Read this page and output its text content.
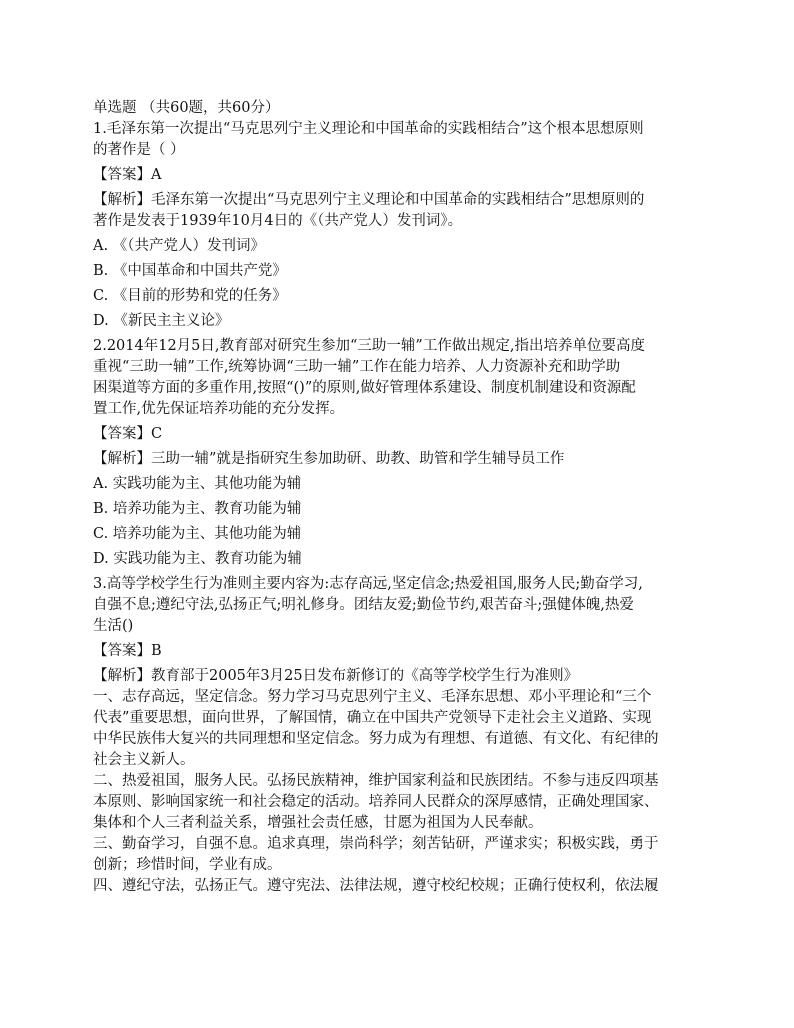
单选题 （共60题，共60分）

1.毛泽东第一次提出“马克思列宁主义理论和中国革命的实践相结合”这个根本思想原则

的著作是（ ）

【答案】A

【解析】毛泽东第一次提出“马克思列宁主义理论和中国革命的实践相结合”思想原则的

著作是发表于1939年10月4日的《（共产党人）发刊词》。

A. 《（共产党人）发刊词》

B. 《中国革命和中国共产党》

C. 《目前的形势和党的任务》

D. 《新民主主义论》

2.2014年12月5日,教育部对研究生参加“三助一辅”工作做出规定,指出培养单位要高度

重视“三助一辅”工作,统筹协调“三助一辅”工作在能力培养、人力资源补充和助学助

困渠道等方面的多重作用,按照“()”的原则,做好管理体系建设、制度机制建设和资源配

置工作,优先保证培养功能的充分发挥。

【答案】C

【解析】三助一辅”就是指研究生参加助研、助教、助管和学生辅导员工作

A. 实践功能为主、其他功能为辅

B. 培养功能为主、教育功能为辅

C. 培养功能为主、其他功能为辅

D. 实践功能为主、教育功能为辅

3.高等学校学生行为准则主要内容为:志存高远,坚定信念;热爱祖国,服务人民;勤奋学习,

自强不息;遵纪守法,弘扬正气;明礼修身。团结友爱;勤俭节约,艰苦奋斗;强健体魄,热爱

生活()

【答案】B

【解析】教育部于2005年3月25日发布新修订的《高等学校学生行为准则》

一、志存高远，坚定信念。努力学习马克思列宁主义、毛泽东思想、邓小平理论和“三个

代表”重要思想，面向世界，了解国情，确立在中国共产党领导下走社会主义道路、实现

中华民族伟大复兴的共同理想和坚定信念。努力成为有理想、有道德、有文化、有纪律的

社会主义新人。

二、热爱祖国，服务人民。弘扬民族精神，维护国家利益和民族团结。不参与违反四项基

本原则、影响国家统一和社会稳定的活动。培养同人民群众的深厚感情，正确处理国家、

集体和个人三者利益关系，增强社会责任感，甘愿为祖国为人民奉献。

三、勤奋学习，自强不息。追求真理，崇尚科学；刻苦钻研，严谨求实；积极实践，勇于

创新；珍惜时间，学业有成。

四、遵纪守法，弘扬正气。遵守宪法、法律法规，遵守校纪校规；正确行使权利，依法履
